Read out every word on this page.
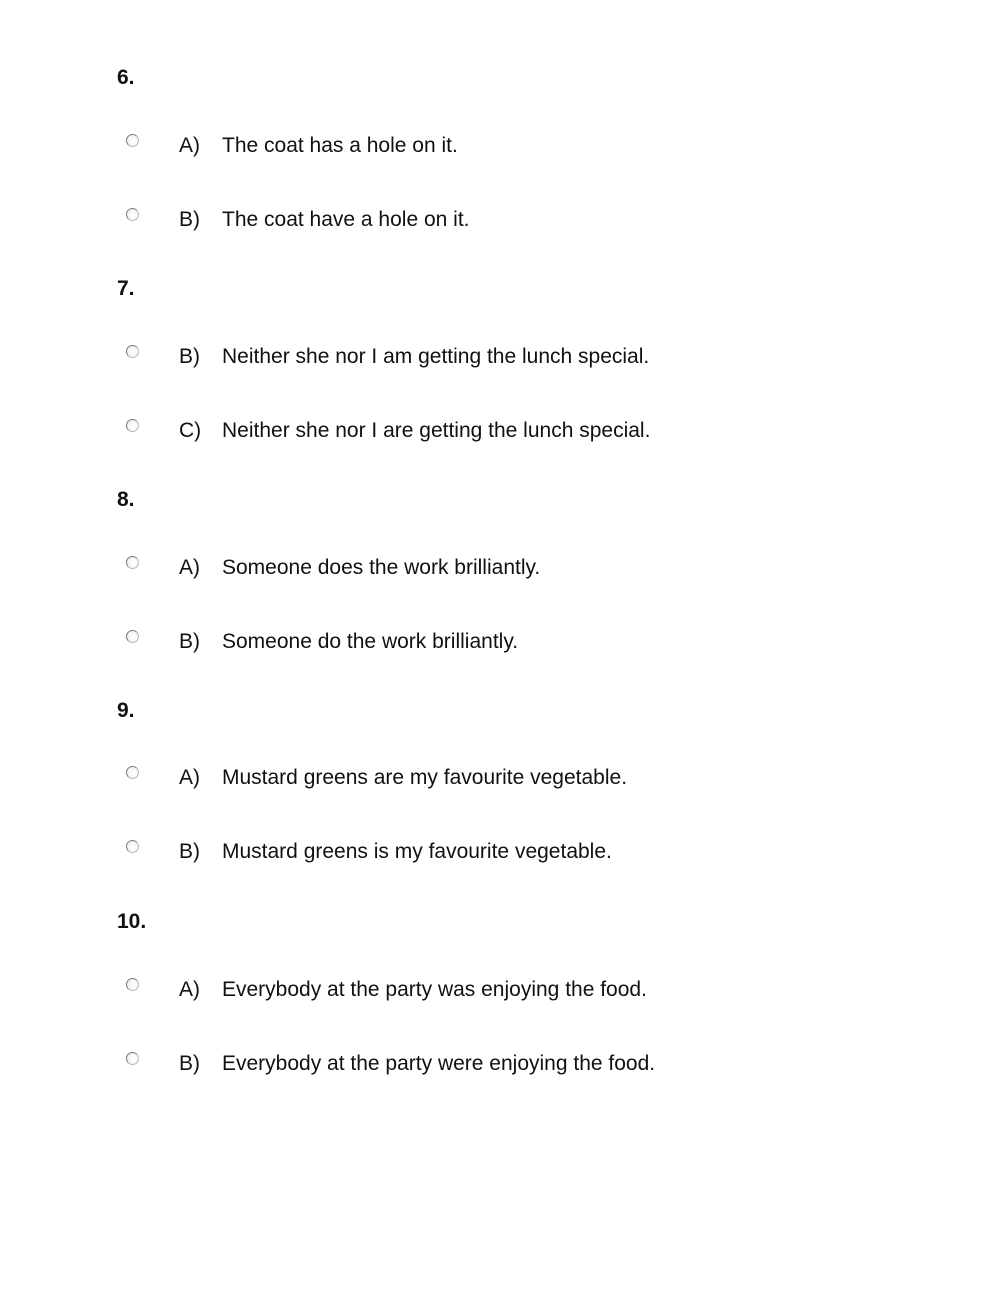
6.

A) The coat has a hole on it.
B) The coat have a hole on it.

7.

B) Neither she nor I am getting the lunch special.
C) Neither she nor I are getting the lunch special.

8.

A) Someone does the work brilliantly.
B) Someone do the work brilliantly.

9.

A) Mustard greens are my favourite vegetable.
B) Mustard greens is my favourite vegetable.

10.

A) Everybody at the party was enjoying the food.
B) Everybody at the party were enjoying the food.
